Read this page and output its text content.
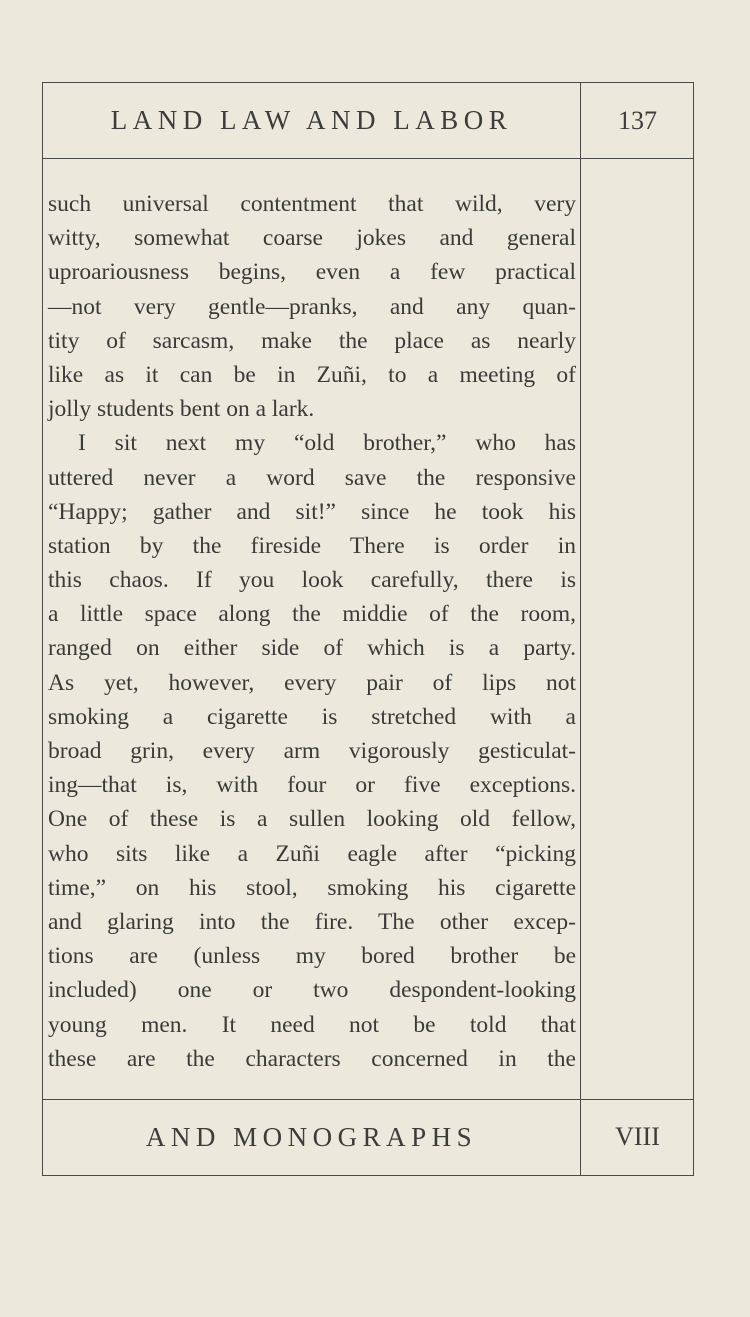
LAND LAW AND LABOR	137
such universal contentment that wild, very
witty, somewhat coarse jokes and general
uproariousness begins, even a few practical
—not very gentle—pranks, and any quan-
tity of sarcasm, make the place as nearly
like as it can be in Zuñi, to a meeting of
jolly students bent on a lark.
I sit next my “old brother,” who has
uttered never a word save the responsive
“Happy; gather and sit!” since he took his
station by the fireside There is order in
this chaos. If you look carefully, there is
a little space along the middie of the room,
ranged on either side of which is a party.
As yet, however, every pair of lips not
smoking a cigarette is stretched with a
broad grin, every arm vigorously gesticulat-
ing—that is, with four or five exceptions.
One of these is a sullen looking old fellow,
who sits like a Zuñi eagle after “picking
time,” on his stool, smoking his cigarette
and glaring into the fire. The other excep-
tions are (unless my bored brother be
included) one or two despondent-looking
young men. It need not be told that
these are the characters concerned in the
AND MONOGRAPHS	VIII
